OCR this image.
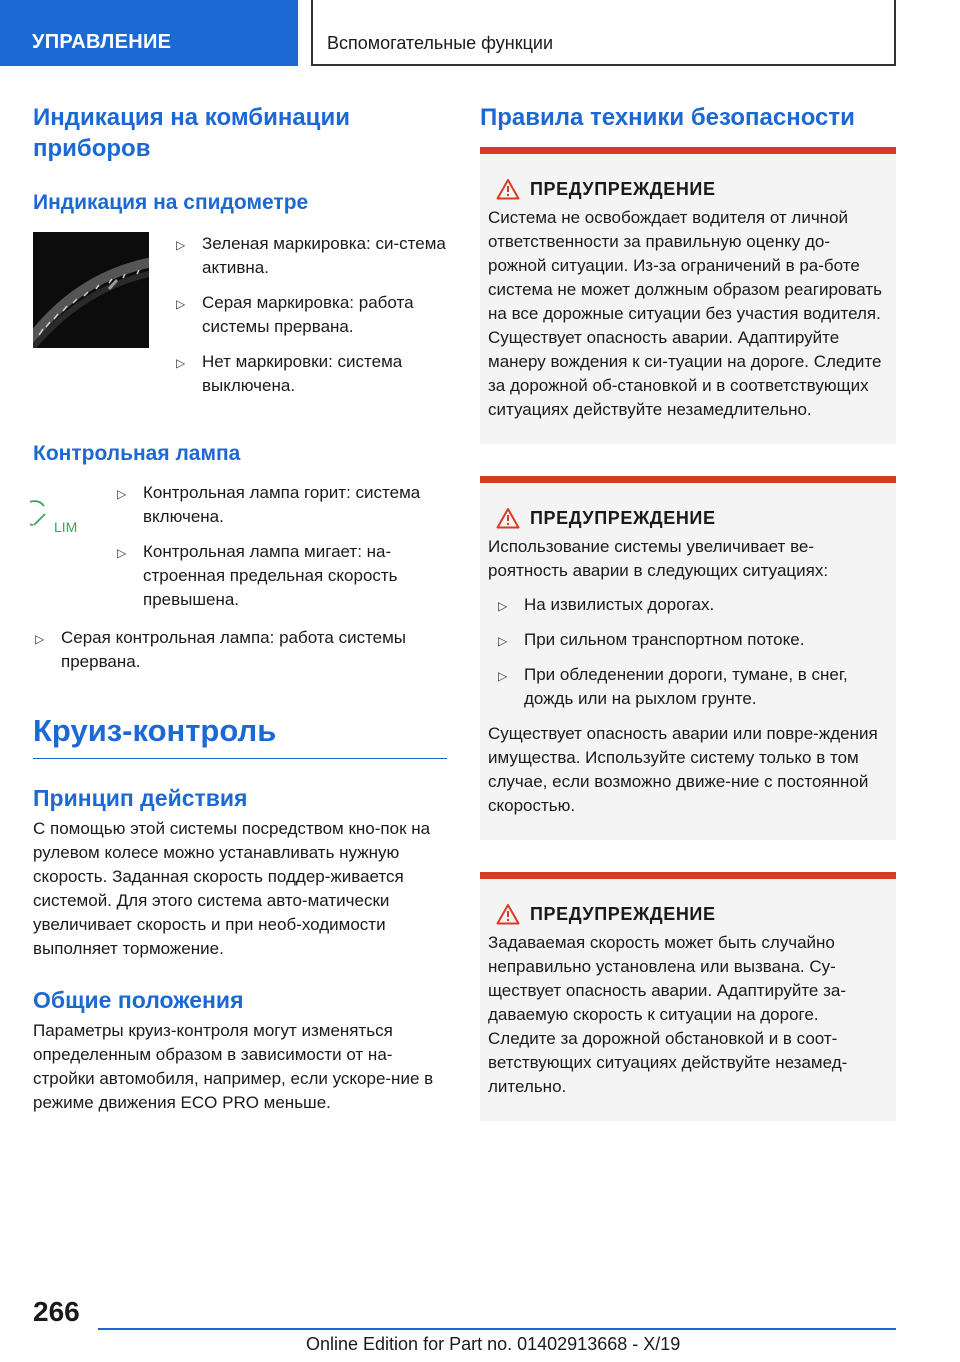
УПРАВЛЕНИЕ	Вспомогательные функции
Индикация на комбинации приборов
Индикация на спидометре
▷ Зеленая маркировка: си-стема активна.
▷ Серая маркировка: работа системы прервана.
▷ Нет маркировки: система выключена.
Контрольная лампа
LIM
▷ Контрольная лампа горит: система включена.
▷ Контрольная лампа мигает: на-строенная предельная скорость превышена.
▷ Серая контрольная лампа: работа системы прервана.
Круиз-контроль
Принцип действия

С помощью этой системы посредством кно-пок на рулевом колесе можно устанавливать нужную скорость. Заданная скорость поддер-живается системой. Для этого система авто-матически увеличивает скорость и при необ-ходимости выполняет торможение.

Общие положения

Параметры круиз-контроля могут изменяться определенным образом в зависимости от на-стройки автомобиля, например, если ускоре-ние в режиме движения ECO PRO меньше.

Правила техники безопасности
ПРЕДУПРЕЖДЕНИЕ

Система не освобождает водителя от личной ответственности за правильную оценку до-рожной ситуации. Из-за ограничений в ра-боте система не может должным образом реагировать на все дорожные ситуации без участия водителя. Существует опасность аварии. Адаптируйте манеру вождения к си-туации на дороге. Следите за дорожной об-становкой и в соответствующих ситуациях действуйте незамедлительно.

ПРЕДУПРЕЖДЕНИЕ

Использование системы увеличивает ве-роятность аварии в следующих ситуациях:

▷ На извилистых дорогах.
▷ При сильном транспортном потоке.
▷ При обледенении дороги, тумане, в снег, дождь или на рыхлом грунте.

Существует опасность аварии или повре-ждения имущества. Используйте систему только в том случае, если возможно движе-ние с постоянной скоростью.

ПРЕДУПРЕЖДЕНИЕ

Задаваемая скорость может быть случайно неправильно установлена или вызвана. Су-ществует опасность аварии. Адаптируйте за-даваемую скорость к ситуации на дороге. Следите за дорожной обстановкой и в соот-ветствующих ситуациях действуйте незамед-лительно.

266
Online Edition for Part no. 01402913668 - X/19
